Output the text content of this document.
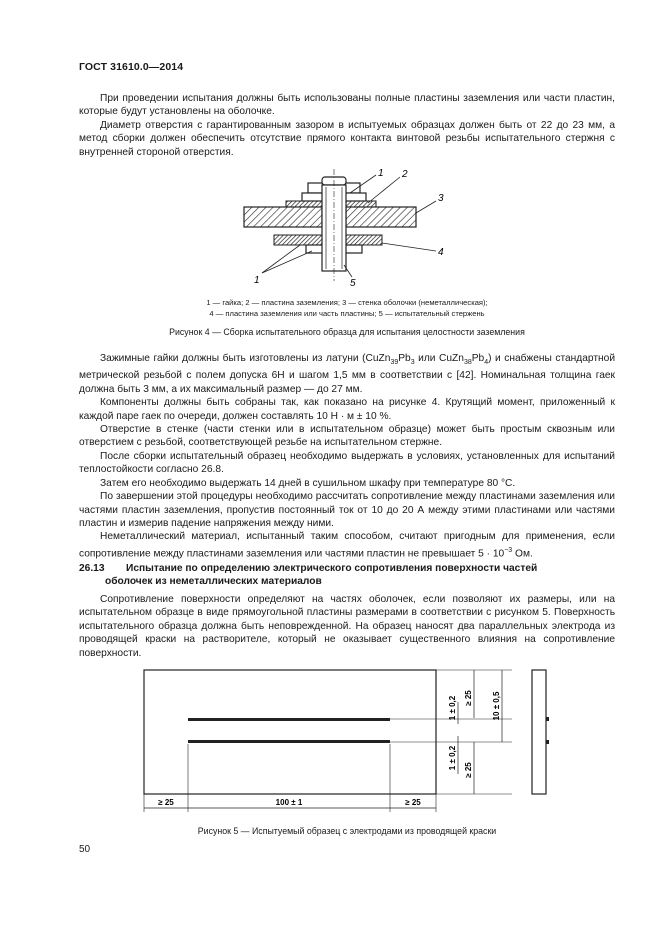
ГОСТ 31610.0—2014

При проведении испытания должны быть использованы полные пластины заземления или части пластин, которые будут установлены на оболочке.

Диаметр отверстия с гарантированным зазором в испытуемых образцах должен быть от 22 до 23 мм, а метод сборки должен обеспечить отсутствие прямого контакта винтовой резьбы испытательного стержня с внутренней стороной отверстия.

1 2
3
4
1	5
1 — гайка; 2 — пластина заземления; 3 — стенка оболочки (неметаллическая);
4 — пластина заземления или часть пластины; 5 — испытательный стержень
Рисунок 4 — Сборка испытательного образца для испытания целостности заземления

Зажимные гайки должны быть изготовлены из латуни ($CuZn_{39}Pb_3$ или $CuZn_{38}Pb_4$) и снабжены стандартной метрической резьбой с полем допуска 6Н и шагом 1,5 мм в соответствии с [42]. Номинальная толщина гаек должна быть 3 мм, а их максимальный размер — до 27 мм.

Компоненты должны быть собраны так, как показано на рисунке 4. Крутящий момент, приложенный к каждой паре гаек по очереди, должен составлять 10 Н · м ± 10 %.

Отверстие в стенке (части стенки или в испытательном образце) может быть простым сквозным или отверстием с резьбой, соответствующей резьбе на испытательном стержне.

После сборки испытательный образец необходимо выдержать в условиях, установленных для испытаний теплостойкости согласно 26.8.

Затем его необходимо выдержать 14 дней в сушильном шкафу при температуре 80 °C.

По завершении этой процедуры необходимо рассчитать сопротивление между пластинами заземления или частями пластин заземления, пропустив постоянный ток от 10 до 20 А между этими пластинами или частями пластин и измерив падение напряжения между ними.

Неметаллический материал, испытанный таким способом, считают пригодным для применения, если сопротивление между пластинами заземления или частями пластин не превышает $5 \cdot 10^{-3}$ Ом.

26.13 Испытание по определению электрического сопротивления поверхности частей
оболочек из неметаллических материалов

Сопротивление поверхности определяют на частях оболочек, если позволяют их размеры, или на испытательном образце в виде прямоугольной пластины размерами в соответствии с рисунком 5. Поверхность испытательного образца должна быть неповрежденной. На образец наносят два параллельных электрода из проводящей краски на растворителе, который не оказывает существенного влияния на сопротивление поверхности.

1 ± 0,2 ≥ 25 10 ± 0,5
1 ± 0,2 ≥ 25
≥ 25	100 ± 1	≥ 25
Рисунок 5 — Испытуемый образец с электродами из проводящей краски
50
